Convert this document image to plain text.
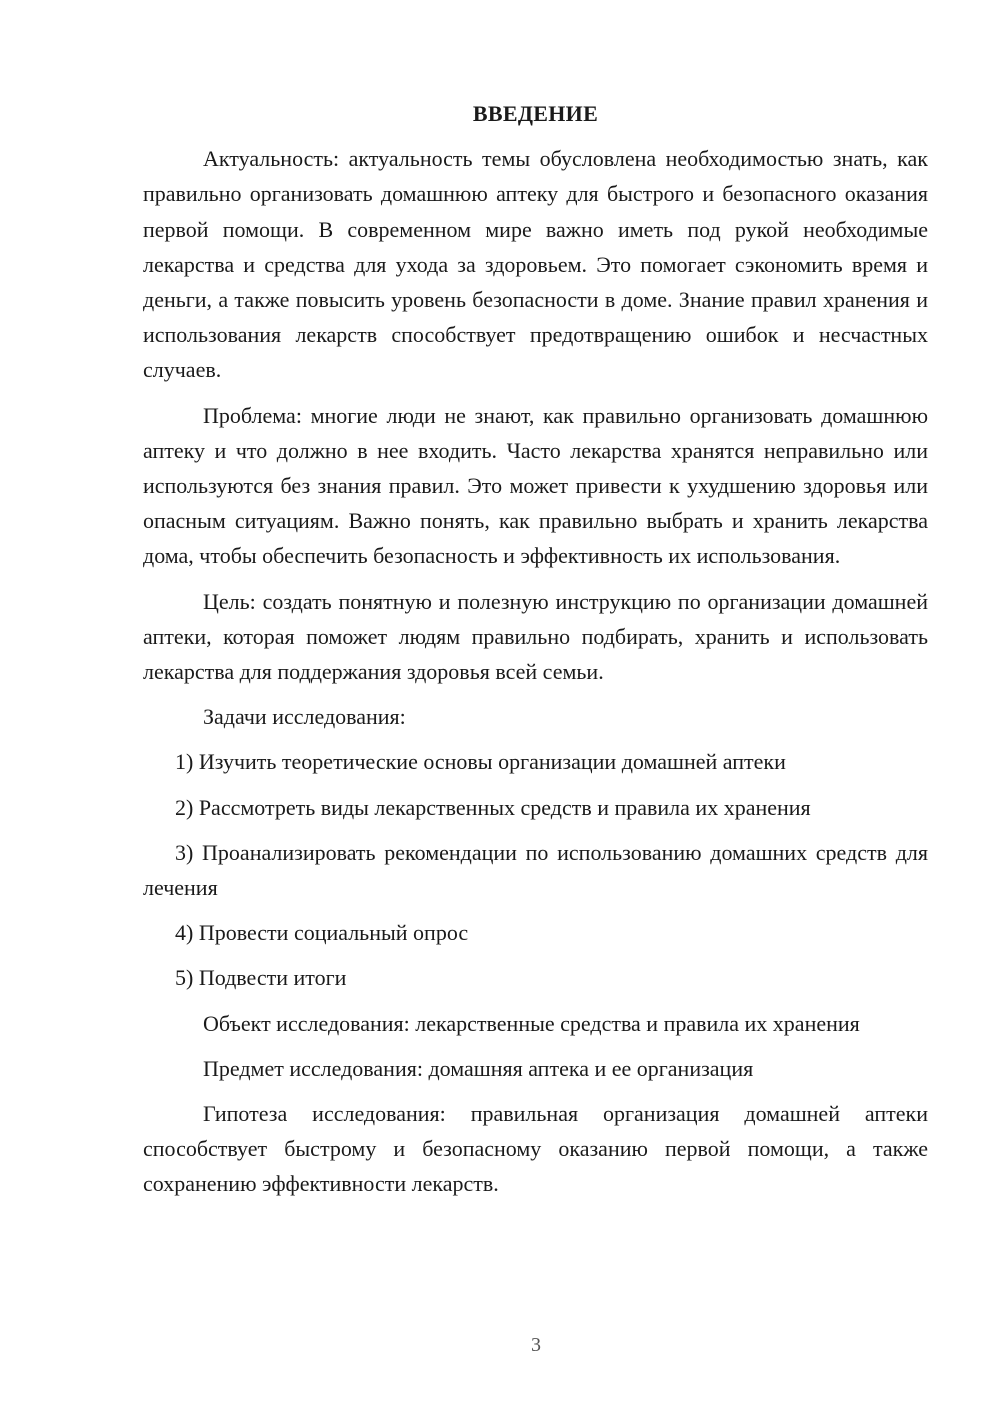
ВВЕДЕНИЕ

Актуальность: актуальность темы обусловлена необходимостью знать, как правильно организовать домашнюю аптеку для быстрого и безопасного оказания первой помощи. В современном мире важно иметь под рукой необходимые лекарства и средства для ухода за здоровьем. Это помогает сэкономить время и деньги, а также повысить уровень безопасности в доме. Знание правил хранения и использования лекарств способствует предотвращению ошибок и несчастных случаев.

Проблема: многие люди не знают, как правильно организовать домашнюю аптеку и что должно в нее входить. Часто лекарства хранятся неправильно или используются без знания правил. Это может привести к ухудшению здоровья или опасным ситуациям. Важно понять, как правильно выбрать и хранить лекарства дома, чтобы обеспечить безопасность и эффективность их использования.

Цель: создать понятную и полезную инструкцию по организации домашней аптеки, которая поможет людям правильно подбирать, хранить и использовать лекарства для поддержания здоровья всей семьи.

Задачи исследования:

1) Изучить теоретические основы организации домашней аптеки
2) Рассмотреть виды лекарственных средств и правила их хранения
3) Проанализировать рекомендации по использованию домашних средств для лечения
4) Провести социальный опрос
5) Подвести итоги

Объект исследования: лекарственные средства и правила их хранения

Предмет исследования: домашняя аптека и ее организация

Гипотеза исследования: правильная организация домашней аптеки способствует быстрому и безопасному оказанию первой помощи, а также сохранению эффективности лекарств.

3
